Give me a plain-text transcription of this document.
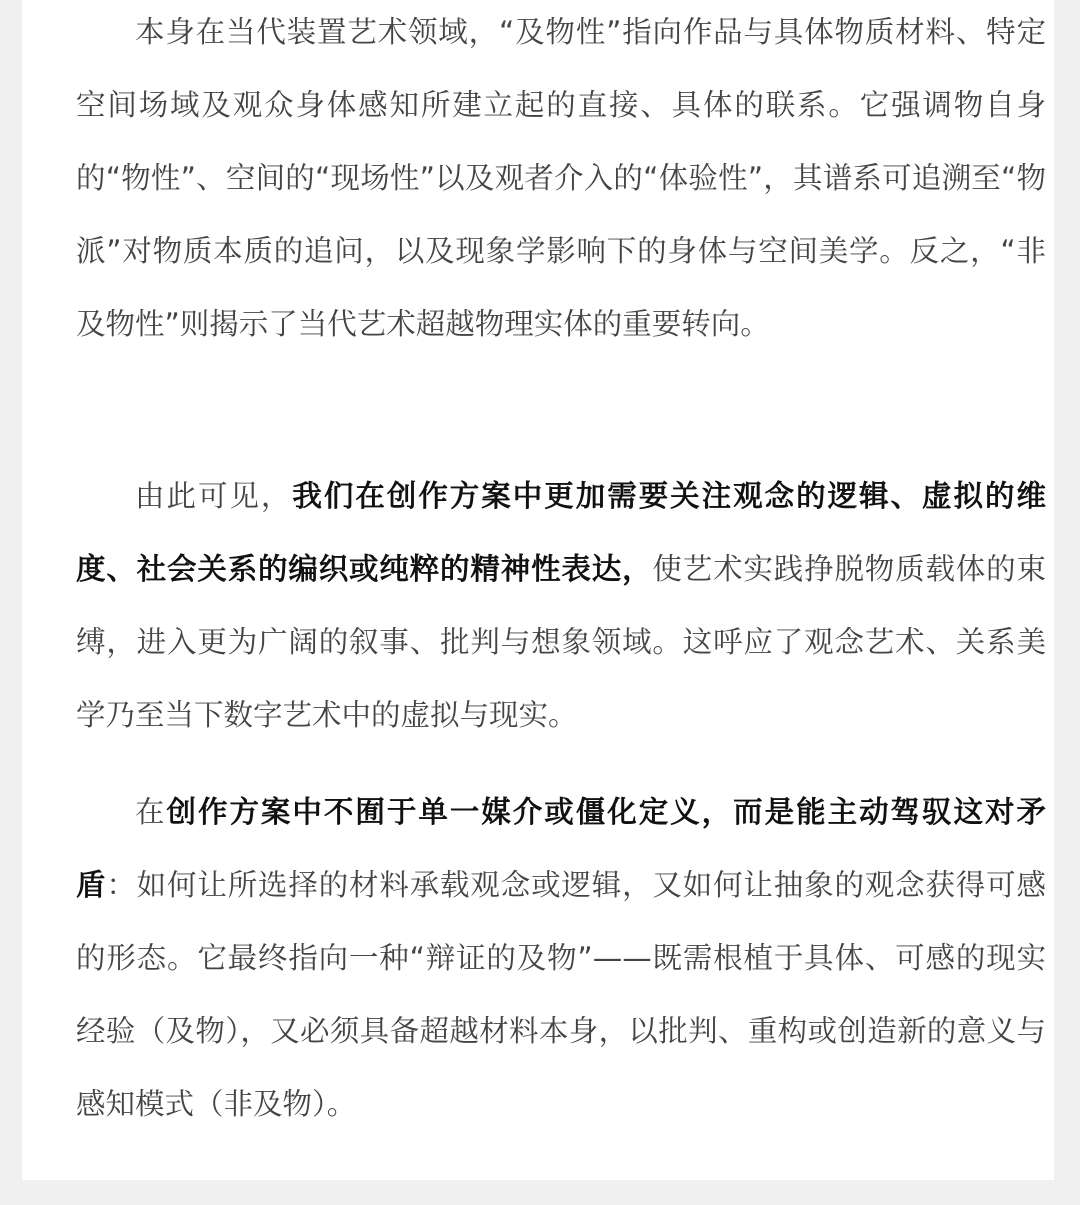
本身在当代装置艺术领域，“及物性”指向作品与具体物质材料、特定空间场域及观众身体感知所建立起的直接、具体的联系。它强调物自身的“物性”、空间的“现场性”以及观者介入的“体验性”，其谱系可追溯至“物派”对物质本质的追问，以及现象学影响下的身体与空间美学。反之，“非及物性”则揭示了当代艺术超越物理实体的重要转向。

由此可见，我们在创作方案中更加需要关注观念的逻辑、虚拟的维度、社会关系的编织或纯粹的精神性表达，使艺术实践挣脱物质载体的束缚，进入更为广阔的叙事、批判与想象领域。这呼应了观念艺术、关系美学乃至当下数字艺术中的虚拟与现实。

在创作方案中不囿于单一媒介或僵化定义，而是能主动驾驭这对矛盾：如何让所选择的材料承载观念或逻辑，又如何让抽象的观念获得可感的形态。它最终指向一种“辩证的及物”——既需根植于具体、可感的现实经验（及物），又必须具备超越材料本身，以批判、重构或创造新的意义与感知模式（非及物）。
